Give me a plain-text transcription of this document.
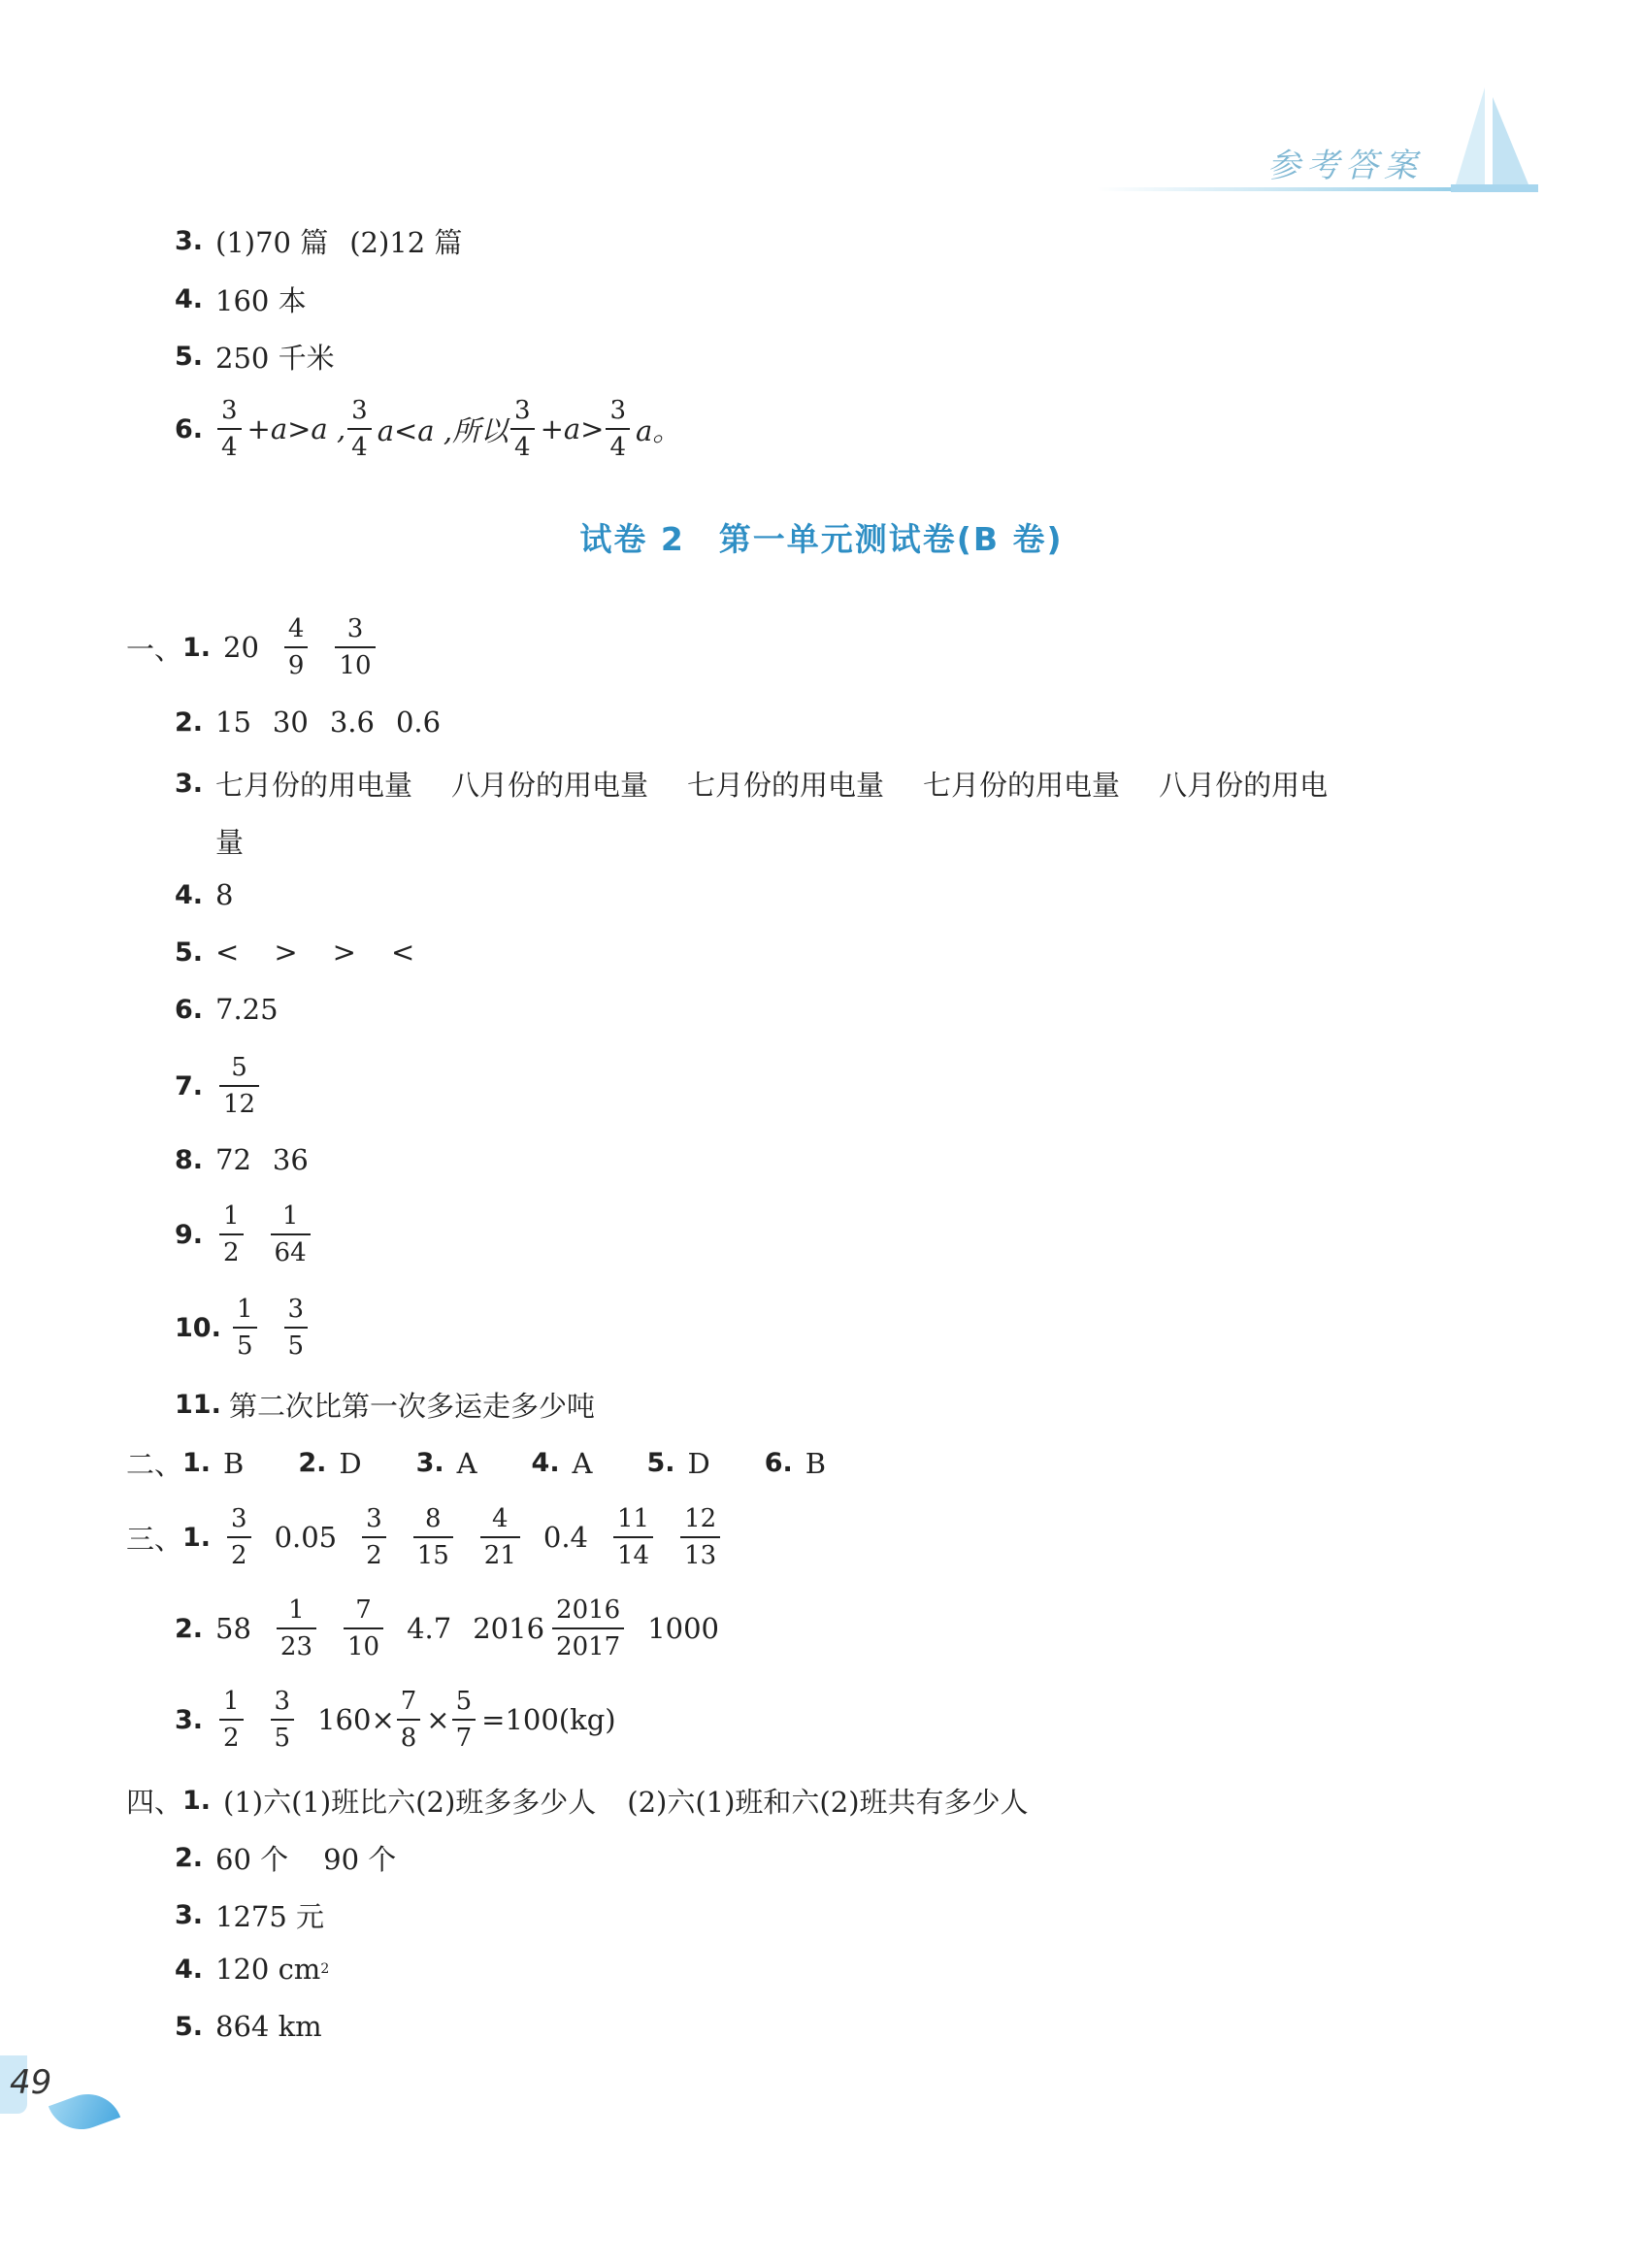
参考答案
3. (1)70 篇 (2)12 篇
4. 160 本
5. 250 千米
6. $\frac{3}{4} +a>a$ , $\frac{3}{4} a<a$ ,所以 $\frac{3}{4} +a> \frac{3}{4}$ a。
试卷 2　第一单元测试卷(B 卷)
一、 1. $20 \frac{4}{9} \frac{3}{10}$
2. 15 30 3.6 0.6
3. 七月份的用电量 八月份的用电量 七月份的用电量 七月份的用电量 八月份的用电
量
4. 8
5. < > > <
6. 7.25
7. $\frac{5}{12}$
8. 72 36
9. $\frac{1}{2} \frac{1}{64}$
10. $\frac{1}{5} \frac{3}{5}$
11. 第二次比第一次多运走多少吨
二、 1. B 2. D 3. A 4. A 5. D 6. B
三、 1. $\frac{3}{2} 0.05 \frac{3}{2} \frac{8}{15} \frac{4}{21} 0.4 \frac{11}{14} \frac{12}{13}$
2. $58 \frac{1}{23} \frac{7}{10} 4.7$ $2016 \frac{2016}{2017} 1000$
3. $\frac{1}{2} \frac{3}{5} 160\times \frac{7}{8} \times \frac{5}{7} =100(kg)$
四、 1. (1)六(1)班比六(2)班多多少人 (2)六(1)班和六(2)班共有多少人
2. 60 个 90 个
3. 1275 元
4. 120 cm 2
5. 864 km
49
